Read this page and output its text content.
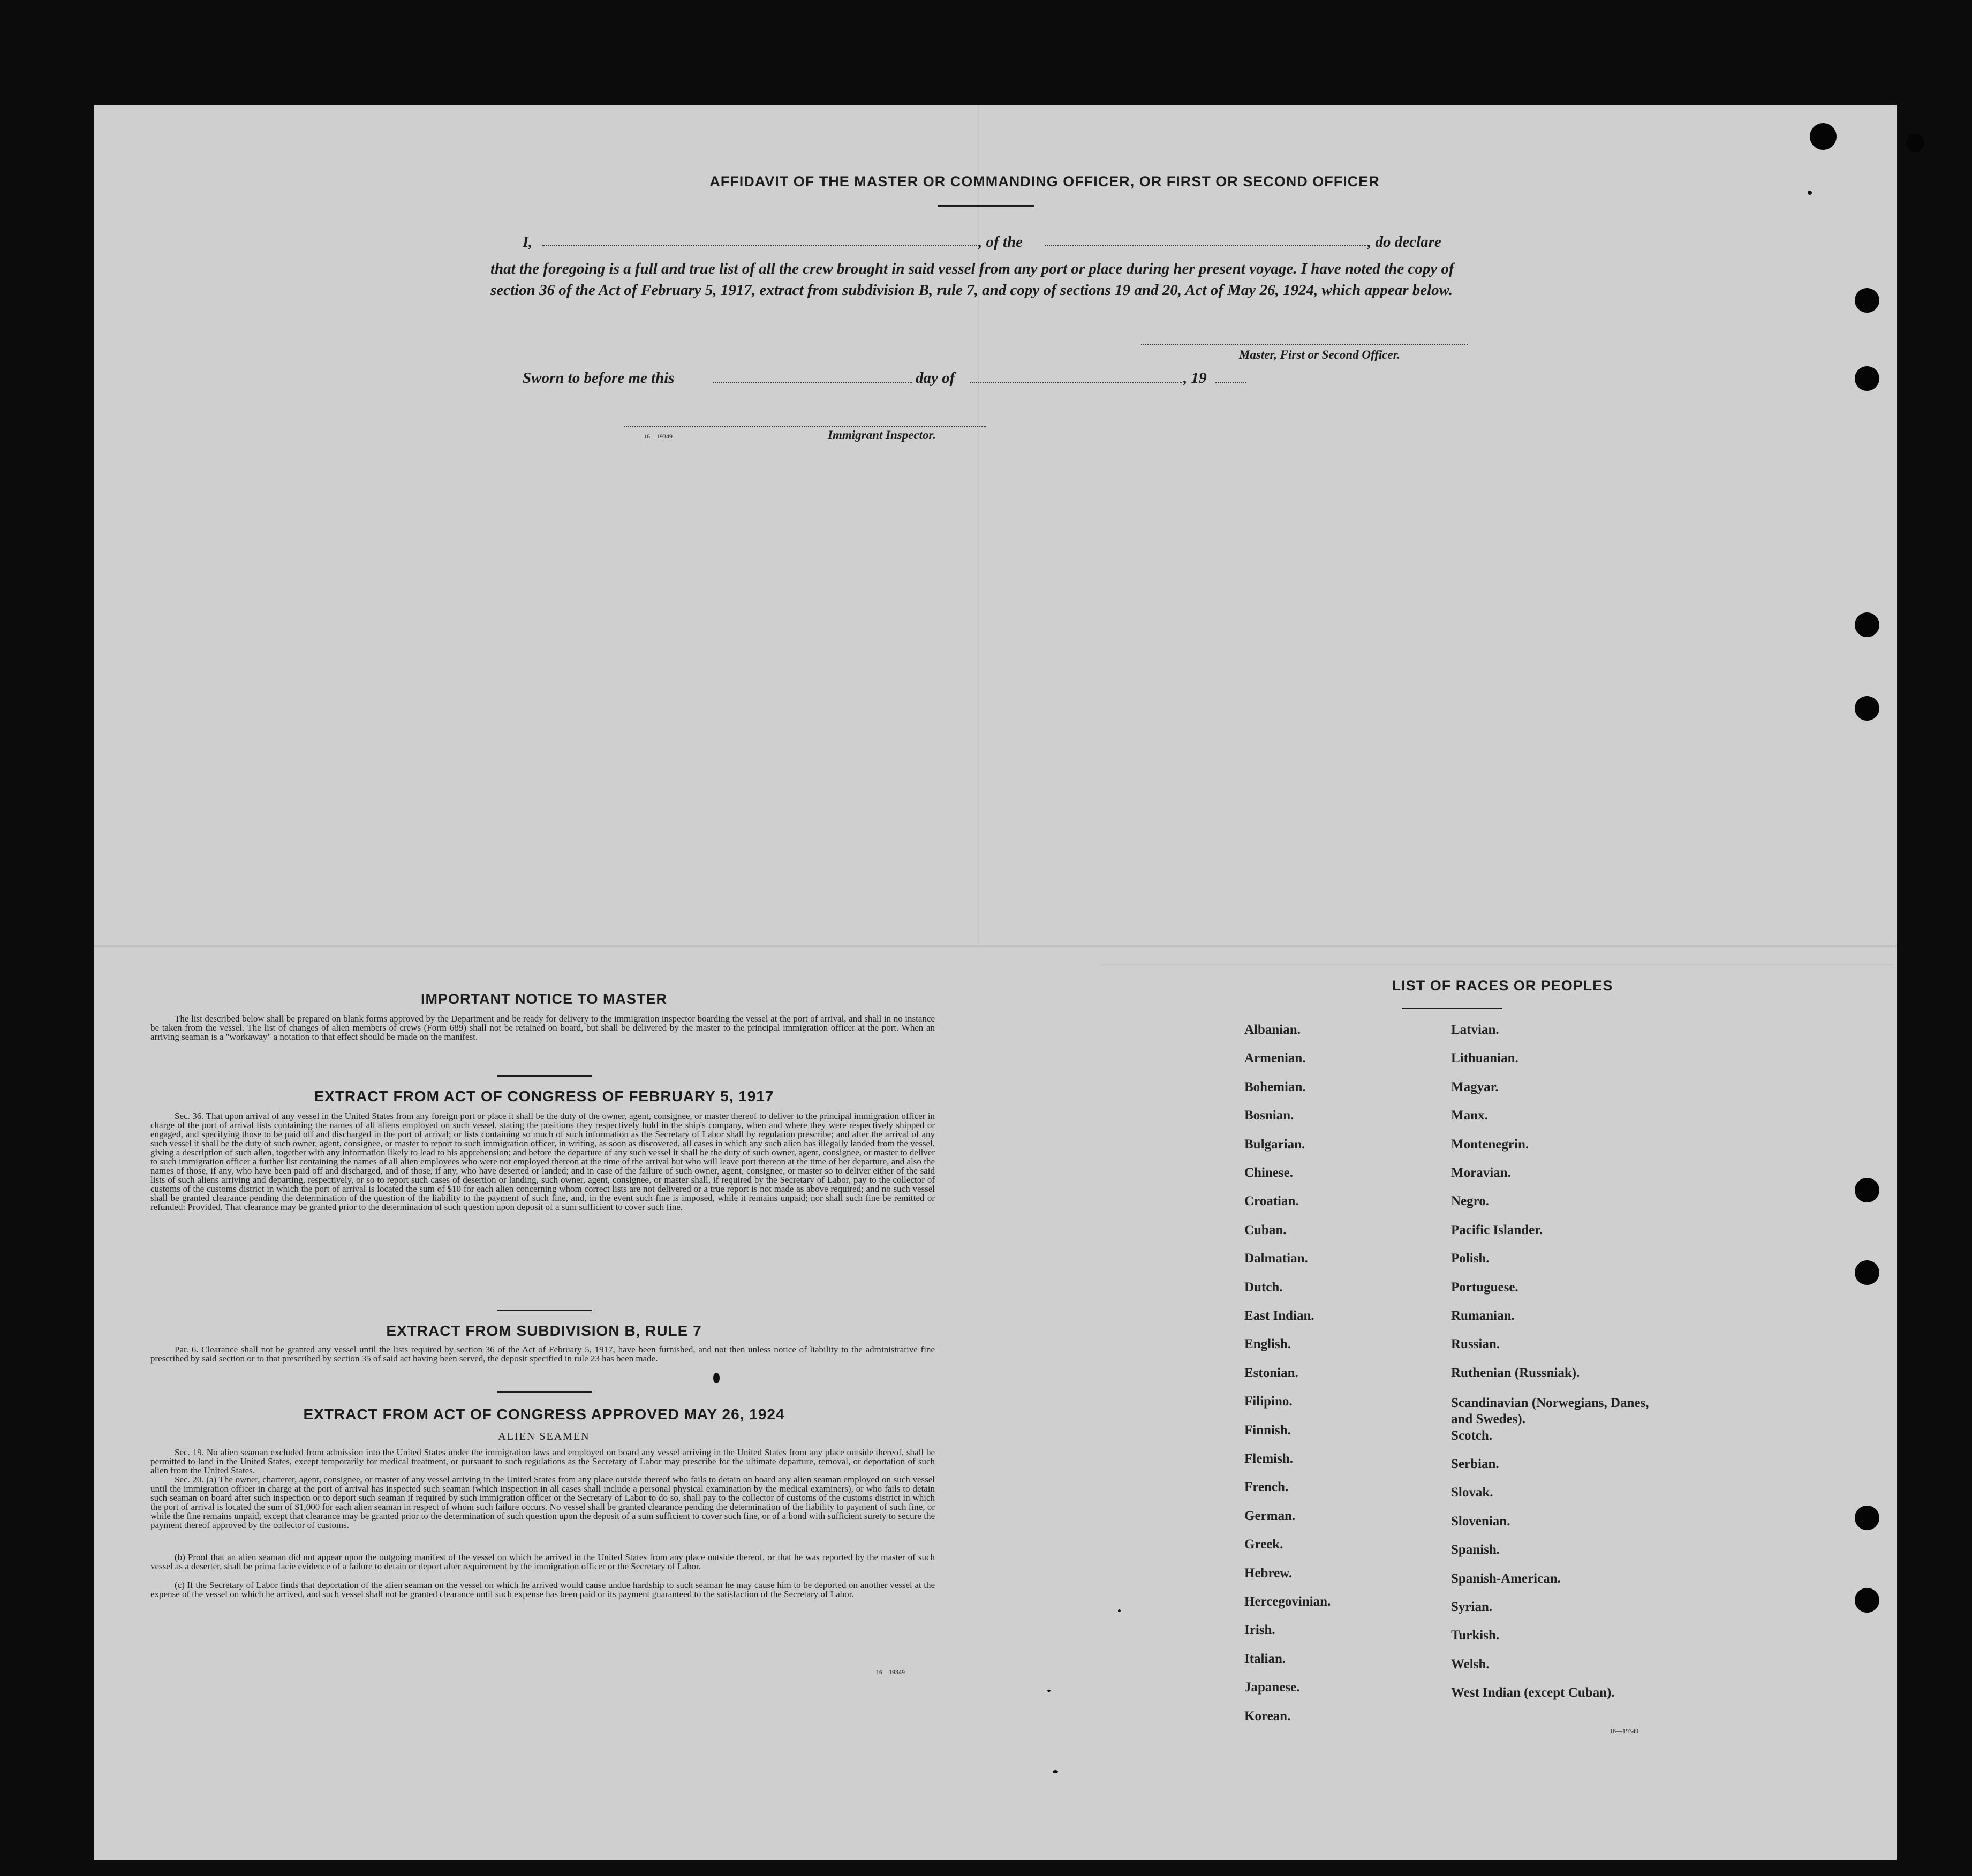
AFFIDAVIT OF THE MASTER OR COMMANDING OFFICER, OR FIRST OR SECOND OFFICER
I,	, of the	, do declare
that the foregoing is a full and true list of all the crew brought in said vessel from any port or place during her present voyage. I have noted the copy of section 36 of the Act of February 5, 1917, extract from subdivision B, rule 7, and copy of sections 19 and 20, Act of May 26, 1924, which appear below.
Master, First or Second Officer.
Sworn to before me this	day of	, 19
16—19349	Immigrant Inspector.
IMPORTANT NOTICE TO MASTER
The list described below shall be prepared on blank forms approved by the Department and be ready for delivery to the immigration inspector boarding the vessel at the port of arrival, and shall in no instance be taken from the vessel. The list of changes of alien members of crews (Form 689) shall not be retained on board, but shall be delivered by the master to the principal immigration officer at the port. When an arriving seaman is a "workaway" a notation to that effect should be made on the manifest.
EXTRACT FROM ACT OF CONGRESS OF FEBRUARY 5, 1917
Sec. 36. That upon arrival of any vessel in the United States from any foreign port or place it shall be the duty of the owner, agent, consignee, or master thereof to deliver to the principal immigration officer in charge of the port of arrival lists containing the names of all aliens employed on such vessel, stating the positions they respectively hold in the ship's company, when and where they were respectively shipped or engaged, and specifying those to be paid off and discharged in the port of arrival; or lists containing so much of such information as the Secretary of Labor shall by regulation prescribe; and after the arrival of any such vessel it shall be the duty of such owner, agent, consignee, or master to report to such immigration officer, in writing, as soon as discovered, all cases in which any such alien has illegally landed from the vessel, giving a description of such alien, together with any information likely to lead to his apprehension; and before the departure of any such vessel it shall be the duty of such owner, agent, consignee, or master to deliver to such immigration officer a further list containing the names of all alien employees who were not employed thereon at the time of the arrival but who will leave port thereon at the time of her departure, and also the names of those, if any, who have been paid off and discharged, and of those, if any, who have deserted or landed; and in case of the failure of such owner, agent, consignee, or master so to deliver either of the said lists of such aliens arriving and departing, respectively, or so to report such cases of desertion or landing, such owner, agent, consignee, or master shall, if required by the Secretary of Labor, pay to the collector of customs of the customs district in which the port of arrival is located the sum of $10 for each alien concerning whom correct lists are not delivered or a true report is not made as above required; and no such vessel shall be granted clearance pending the determination of the question of the liability to the payment of such fine, and, in the event such fine is imposed, while it remains unpaid; nor shall such fine be remitted or refunded: Provided, That clearance may be granted prior to the determination of such question upon deposit of a sum sufficient to cover such fine.
EXTRACT FROM SUBDIVISION B, RULE 7
Par. 6. Clearance shall not be granted any vessel until the lists required by section 36 of the Act of February 5, 1917, have been furnished, and not then unless notice of liability to the administrative fine prescribed by said section or to that prescribed by section 35 of said act having been served, the deposit specified in rule 23 has been made.
EXTRACT FROM ACT OF CONGRESS APPROVED MAY 26, 1924
ALIEN SEAMEN
Sec. 19. No alien seaman excluded from admission into the United States under the immigration laws and employed on board any vessel arriving in the United States from any place outside thereof, shall be permitted to land in the United States, except temporarily for medical treatment, or pursuant to such regulations as the Secretary of Labor may prescribe for the ultimate departure, removal, or deportation of such alien from the United States.
Sec. 20. (a) The owner, charterer, agent, consignee, or master of any vessel arriving in the United States from any place outside thereof who fails to detain on board any alien seaman employed on such vessel until the immigration officer in charge at the port of arrival has inspected such seaman (which inspection in all cases shall include a personal physical examination by the medical examiners), or who fails to detain such seaman on board after such inspection or to deport such seaman if required by such immigration officer or the Secretary of Labor to do so, shall pay to the collector of customs of the customs district in which the port of arrival is located the sum of $1,000 for each alien seaman in respect of whom such failure occurs. No vessel shall be granted clearance pending the determination of the liability to payment of such fine, or while the fine remains unpaid, except that clearance may be granted prior to the determination of such question upon the deposit of a sum sufficient to cover such fine, or of a bond with sufficient surety to secure the payment thereof approved by the collector of customs.
(b) Proof that an alien seaman did not appear upon the outgoing manifest of the vessel on which he arrived in the United States from any place outside thereof, or that he was reported by the master of such vessel as a deserter, shall be prima facie evidence of a failure to detain or deport after requirement by the immigration officer or the Secretary of Labor.
(c) If the Secretary of Labor finds that deportation of the alien seaman on the vessel on which he arrived would cause undue hardship to such seaman he may cause him to be deported on another vessel at the expense of the vessel on which he arrived, and such vessel shall not be granted clearance until such expense has been paid or its payment guaranteed to the satisfaction of the Secretary of Labor.
16—19349
LIST OF RACES OR PEOPLES
Albanian.
Armenian.
Bohemian.
Bosnian.
Bulgarian.
Chinese.
Croatian.
Cuban.
Dalmatian.
Dutch.
East Indian.
English.
Estonian.
Filipino.
Finnish.
Flemish.
French.
German.
Greek.
Hebrew.
Hercegovinian.
Irish.
Italian.
Japanese.
Korean.
Latvian.
Lithuanian.
Magyar.
Manx.
Montenegrin.
Moravian.
Negro.
Pacific Islander.
Polish.
Portuguese.
Rumanian.
Russian.
Ruthenian (Russniak).
Scandinavian (Norwegians, Danes, and Swedes).
Scotch.
Serbian.
Slovak.
Slovenian.
Spanish.
Spanish-American.
Syrian.
Turkish.
Welsh.
West Indian (except Cuban).
16—19349
